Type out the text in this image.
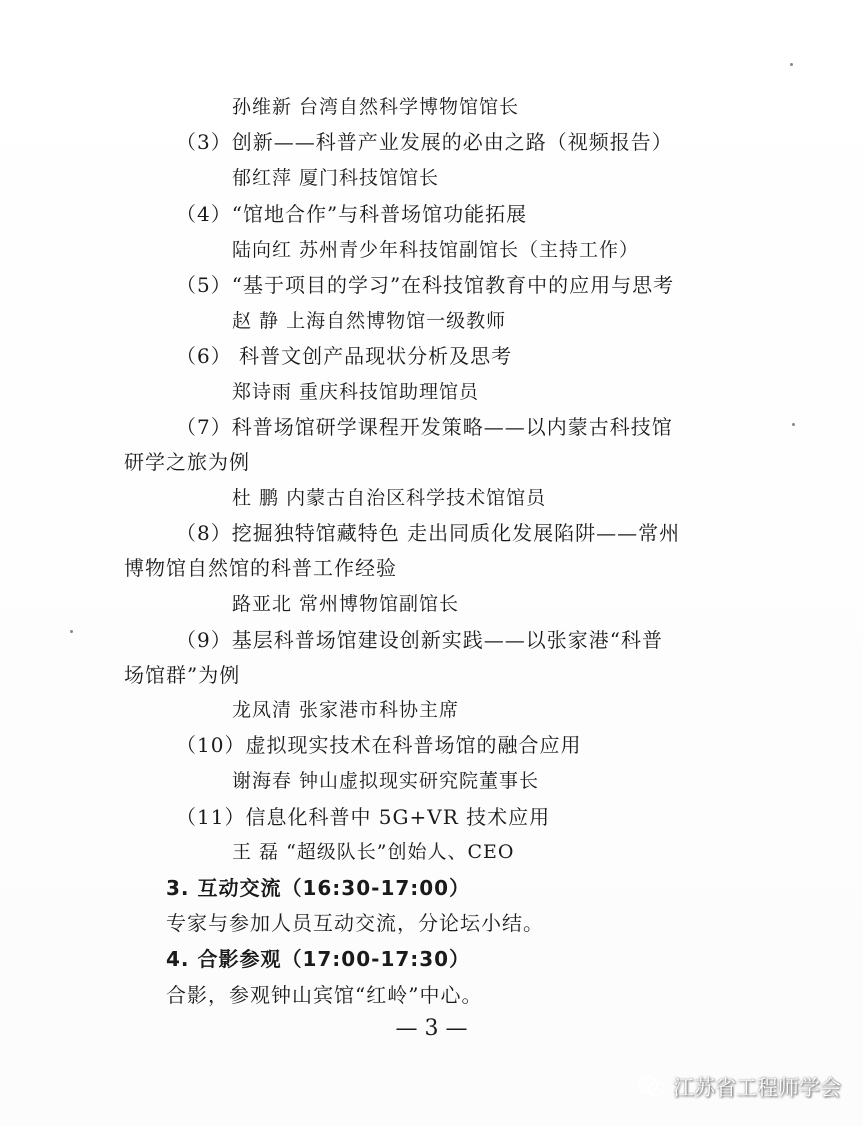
孙维新 台湾自然科学博物馆馆长
（3）创新——科普产业发展的必由之路（视频报告）
郁红萍 厦门科技馆馆长
（4）“馆地合作”与科普场馆功能拓展
陆向红 苏州青少年科技馆副馆长（主持工作）
（5）“基于项目的学习”在科技馆教育中的应用与思考
赵 静 上海自然博物馆一级教师
（6） 科普文创产品现状分析及思考
郑诗雨 重庆科技馆助理馆员
（7）科普场馆研学课程开发策略——以内蒙古科技馆
研学之旅为例
杜 鹏 内蒙古自治区科学技术馆馆员
（8）挖掘独特馆藏特色 走出同质化发展陷阱——常州
博物馆自然馆的科普工作经验
路亚北 常州博物馆副馆长
（9）基层科普场馆建设创新实践——以张家港“科普
场馆群”为例
龙凤清 张家港市科协主席
（10）虚拟现实技术在科普场馆的融合应用
谢海春 钟山虚拟现实研究院董事长
（11）信息化科普中 5G+VR 技术应用
王 磊 “超级队长”创始人、CEO
3. 互动交流（16:30-17:00）
专家与参加人员互动交流，分论坛小结。
4. 合影参观（17:00-17:30）
合影，参观钟山宾馆“红岭”中心。
— 3 —
江苏省工程师学会
